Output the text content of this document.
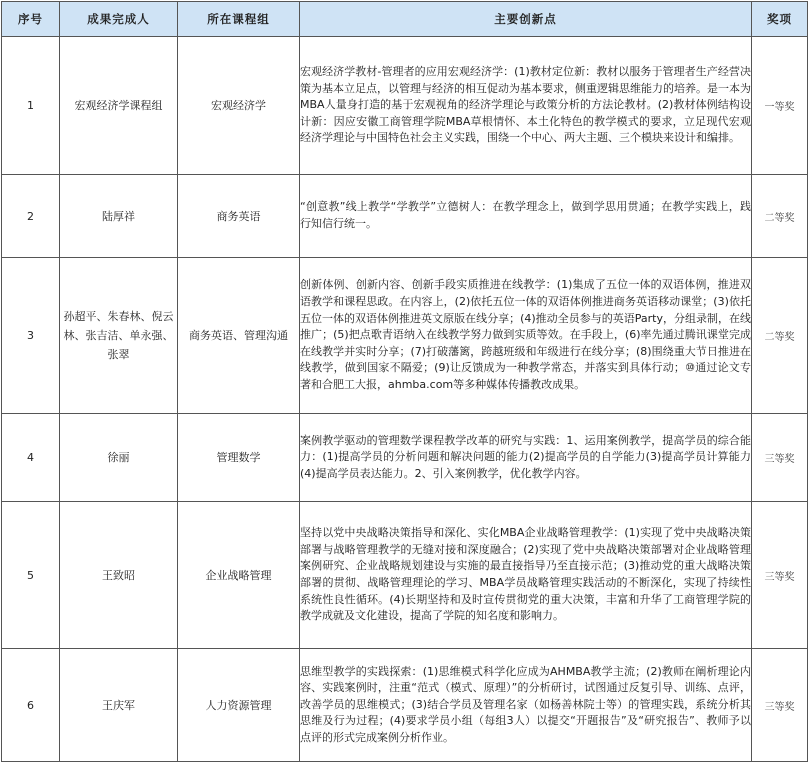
序号	成果完成人	所在课程组	主要创新点	奖项
1	宏观经济学课程组	宏观经济学	宏观经济学教材-管理者的应用宏观经济学：(1)教材定位新：教材以服务于管理者生产经营决策为基本立足点，以管理与经济的相互促动为基本要求，侧重逻辑思维能力的培养。是一本为MBA人量身打造的基于宏观视角的经济学理论与政策分析的方法论教材。(2)教材体例结构设计新：因应安徽工商管理学院MBA草根情怀、本土化特色的教学模式的要求，立足现代宏观经济学理论与中国特色社会主义实践，围绕一个中心、两大主题、三个模块来设计和编排。	一等奖
2	陆厚祥	商务英语	“创意教”线上教学“学教学”立德树人：在教学理念上，做到学思用贯通；在教学实践上，践行知信行统一。	二等奖
3	孙超平、朱春林、倪云林、张吉洁、单永强、张翠	商务英语、管理沟通	创新体例、创新内容、创新手段实质推进在线教学：(1)集成了五位一体的双语体例，推进双语教学和课程思政。在内容上，(2)依托五位一体的双语体例推进商务英语移动课堂；(3)依托五位一体的双语体例推进英文原版在线分享；(4)推动全员参与的英语Party，分组录制，在线推广；(5)把点歌青语纳入在线教学努力做到实质等效。在手段上，(6)率先通过腾讯课堂完成在线教学并实时分享；(7)打破藩篱，跨越班级和年级进行在线分享；(8)围绕重大节日推进在线教学，做到国家不隔爱；(9)让反馈成为一种教学常态，并落实到具体行动；⑩通过论文专著和合肥工大报，ahmba.com等多种媒体传播教改成果。	二等奖
4	徐丽	管理数学	案例教学驱动的管理数学课程教学改革的研究与实践：1、运用案例教学，提高学员的综合能力：(1)提高学员的分析问题和解决问题的能力(2)提高学员的自学能力(3)提高学员计算能力(4)提高学员表达能力。2、引入案例教学，优化教学内容。	三等奖
5	王致昭	企业战略管理	坚持以党中央战略决策指导和深化、实化MBA企业战略管理教学：(1)实现了党中央战略决策部署与战略管理教学的无缝对接和深度融合；(2)实现了党中央战略决策部署对企业战略管理案例研究、企业战略规划建设与实施的最直接指导乃至直接示范；(3)推动党的重大战略决策部署的贯彻、战略管理理论的学习、MBA学员战略管理实践活动的不断深化，实现了持续性系统性良性循环。(4)长期坚持和及时宣传贯彻党的重大决策，丰富和升华了工商管理学院的教学成就及文化建设，提高了学院的知名度和影响力。	三等奖
6	王庆军	人力资源管理	思维型教学的实践探索：(1)思维模式科学化应成为AHMBA教学主流；(2)教师在阐析理论内容、实践案例时，注重“范式（模式、原理）”的分析研讨，试图通过反复引导、训练、点评，改善学员的思维模式；(3)结合学员及管理名家（如杨善林院士等）的管理实践，系统分析其思维及行为过程；(4)要求学员小组（每组3人）以提交“开题报告”及“研究报告”、教师予以点评的形式完成案例分析作业。	三等奖
